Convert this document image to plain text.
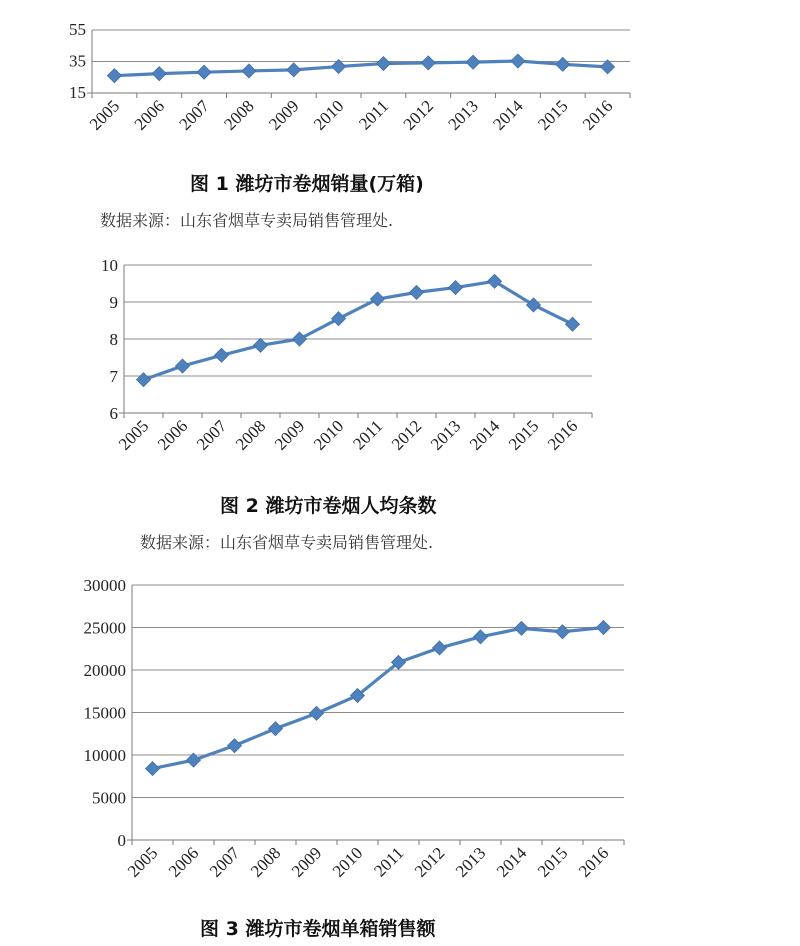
15
35
55
2005 2006 2007 2008 2009 2010 2011 2012 2013 2014 2015 2016
图 1 潍坊市卷烟销量(万箱)
数据来源：山东省烟草专卖局销售管理处.
6
7
8
9
10
2005 2006 2007 2008 2009 2010 2011 2012 2013 2014 2015 2016
图 2 潍坊市卷烟人均条数
数据来源：山东省烟草专卖局销售管理处.
0
5000
10000
15000
20000
25000
30000
2005 2006 2007 2008 2009 2010 2011 2012 2013 2014 2015 2016
图 3 潍坊市卷烟单箱销售额
